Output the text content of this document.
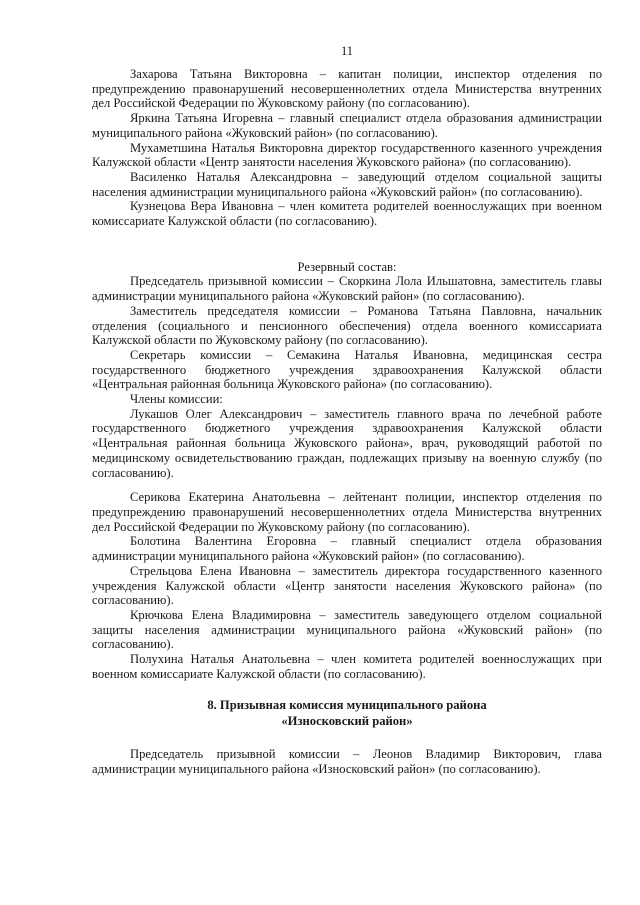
11

Захарова Татьяна Викторовна – капитан полиции, инспектор отделения по предупреждению правонарушений несовершеннолетних отдела Министерства внутренних дел Российской Федерации по Жуковскому району (по согласованию).

Яркина Татьяна Игоревна – главный специалист отдела образования администрации муниципального района «Жуковский район» (по согласованию).

Мухаметшина Наталья Викторовна директор государственного казенного учреждения Калужской области «Центр занятости населения Жуковского района» (по согласованию).

Василенко Наталья Александровна – заведующий отделом социальной защиты населения администрации муниципального района «Жуковский район» (по согласованию).

Кузнецова Вера Ивановна – член комитета родителей военнослужащих при военном комиссариате Калужской области (по согласованию).

Резервный состав:

Председатель призывной комиссии – Скоркина Лола Ильшатовна, заместитель главы администрации муниципального района «Жуковский район» (по согласованию).

Заместитель председателя комиссии – Романова Татьяна Павловна, начальник отделения (социального и пенсионного обеспечения) отдела военного комиссариата Калужской области по Жуковскому району (по согласованию).

Секретарь комиссии – Семакина Наталья Ивановна, медицинская сестра государственного бюджетного учреждения здравоохранения Калужской области «Центральная районная больница Жуковского района» (по согласованию).

Члены комиссии:

Лукашов Олег Александрович – заместитель главного врача по лечебной работе государственного бюджетного учреждения здравоохранения Калужской области «Центральная районная больница Жуковского района», врач, руководящий работой по медицинскому освидетельствованию граждан, подлежащих призыву на военную службу (по согласованию).

Серикова Екатерина Анатольевна – лейтенант полиции, инспектор отделения по предупреждению правонарушений несовершеннолетних отдела Министерства внутренних дел Российской Федерации по Жуковскому району (по согласованию).

Болотина Валентина Егоровна – главный специалист отдела образования администрации муниципального района «Жуковский район» (по согласованию).

Стрельцова Елена Ивановна – заместитель директора государственного казенного учреждения Калужской области «Центр занятости населения Жуковского района» (по согласованию).

Крючкова Елена Владимировна – заместитель заведующего отделом социальной защиты населения администрации муниципального района «Жуковский район» (по согласованию).

Полухина Наталья Анатольевна – член комитета родителей военнослужащих при военном комиссариате Калужской области (по согласованию).

8. Призывная комиссия муниципального района
«Износковский район»

Председатель призывной комиссии – Леонов Владимир Викторович, глава администрации муниципального района «Износковский район» (по согласованию).
